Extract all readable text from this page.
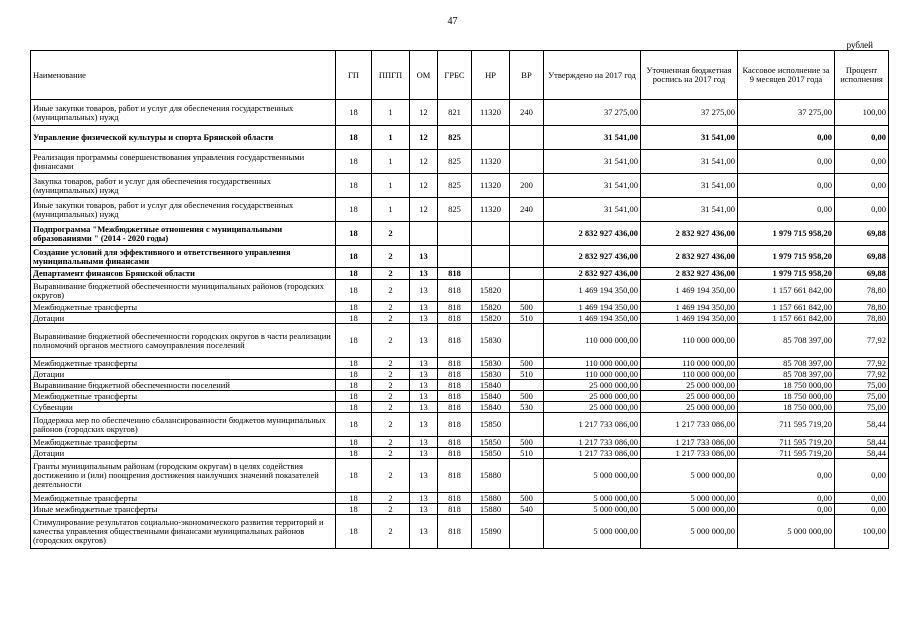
47
рублей
Наименование	ГП	ППГП	ОМ	ГРБС	НР	ВР	Утверждено на 2017 год	Уточненная бюджетная роспись на 2017 год	Кассовое исполнение за 9 месяцев 2017 года	Процент исполнения
Иные закупки товаров, работ и услуг для обеспечения государственных (муниципальных) нужд	18	1	12	821	11320	240	37 275,00	37 275,00	37 275,00	100,00
Управление физической культуры и спорта Брянской области	18	1	12	825			31 541,00	31 541,00	0,00	0,00
Реализация программы совершенствования управления государственными финансами	18	1	12	825	11320		31 541,00	31 541,00	0,00	0,00
Закупка товаров, работ и услуг для обеспечения государственных (муниципальных) нужд	18	1	12	825	11320	200	31 541,00	31 541,00	0,00	0,00
Иные закупки товаров, работ и услуг для обеспечения государственных (муниципальных) нужд	18	1	12	825	11320	240	31 541,00	31 541,00	0,00	0,00
Подпрограмма "Межбюджетные отношения с муниципальными образованиями " (2014 - 2020 годы)	18	2					2 832 927 436,00	2 832 927 436,00	1 979 715 958,20	69,88
Создание условий для эффективного и ответственного управления муниципальными финансами	18	2	13				2 832 927 436,00	2 832 927 436,00	1 979 715 958,20	69,88
Департамент финансов Брянской области	18	2	13	818			2 832 927 436,00	2 832 927 436,00	1 979 715 958,20	69,88
Выравнивание бюджетной обеспеченности муниципальных районов (городских округов)	18	2	13	818	15820		1 469 194 350,00	1 469 194 350,00	1 157 661 842,00	78,80
Межбюджетные трансферты	18	2	13	818	15820	500	1 469 194 350,00	1 469 194 350,00	1 157 661 842,00	78,80
Дотации	18	2	13	818	15820	510	1 469 194 350,00	1 469 194 350,00	1 157 661 842,00	78,80
Выравнивание бюджетной обеспеченности городских округов в части реализации полномочий органов местного самоуправления поселений	18	2	13	818	15830		110 000 000,00	110 000 000,00	85 708 397,00	77,92
Межбюджетные трансферты	18	2	13	818	15830	500	110 000 000,00	110 000 000,00	85 708 397,00	77,92
Дотации	18	2	13	818	15830	510	110 000 000,00	110 000 000,00	85 708 397,00	77,92
Выравнивание бюджетной обеспеченности поселений	18	2	13	818	15840		25 000 000,00	25 000 000,00	18 750 000,00	75,00
Межбюджетные трансферты	18	2	13	818	15840	500	25 000 000,00	25 000 000,00	18 750 000,00	75,00
Субвенции	18	2	13	818	15840	530	25 000 000,00	25 000 000,00	18 750 000,00	75,00
Поддержка мер по обеспечению сбалансированности бюджетов муниципальных районов (городских округов)	18	2	13	818	15850		1 217 733 086,00	1 217 733 086,00	711 595 719,20	58,44
Межбюджетные трансферты	18	2	13	818	15850	500	1 217 733 086,00	1 217 733 086,00	711 595 719,20	58,44
Дотации	18	2	13	818	15850	510	1 217 733 086,00	1 217 733 086,00	711 595 719,20	58,44
Гранты муниципальным районам (городским округам) в целях содействия достижению и (или) поощрения достижения наилучших значений показателей деятельности	18	2	13	818	15880		5 000 000,00	5 000 000,00	0,00	0,00
Межбюджетные трансферты	18	2	13	818	15880	500	5 000 000,00	5 000 000,00	0,00	0,00
Иные межбюджетные трансферты	18	2	13	818	15880	540	5 000 000,00	5 000 000,00	0,00	0,00
Стимулирование результатов социально-экономического развития территорий и качества управления общественными финансами муниципальных районов (городских округов)	18	2	13	818	15890		5 000 000,00	5 000 000,00	5 000 000,00	100,00
